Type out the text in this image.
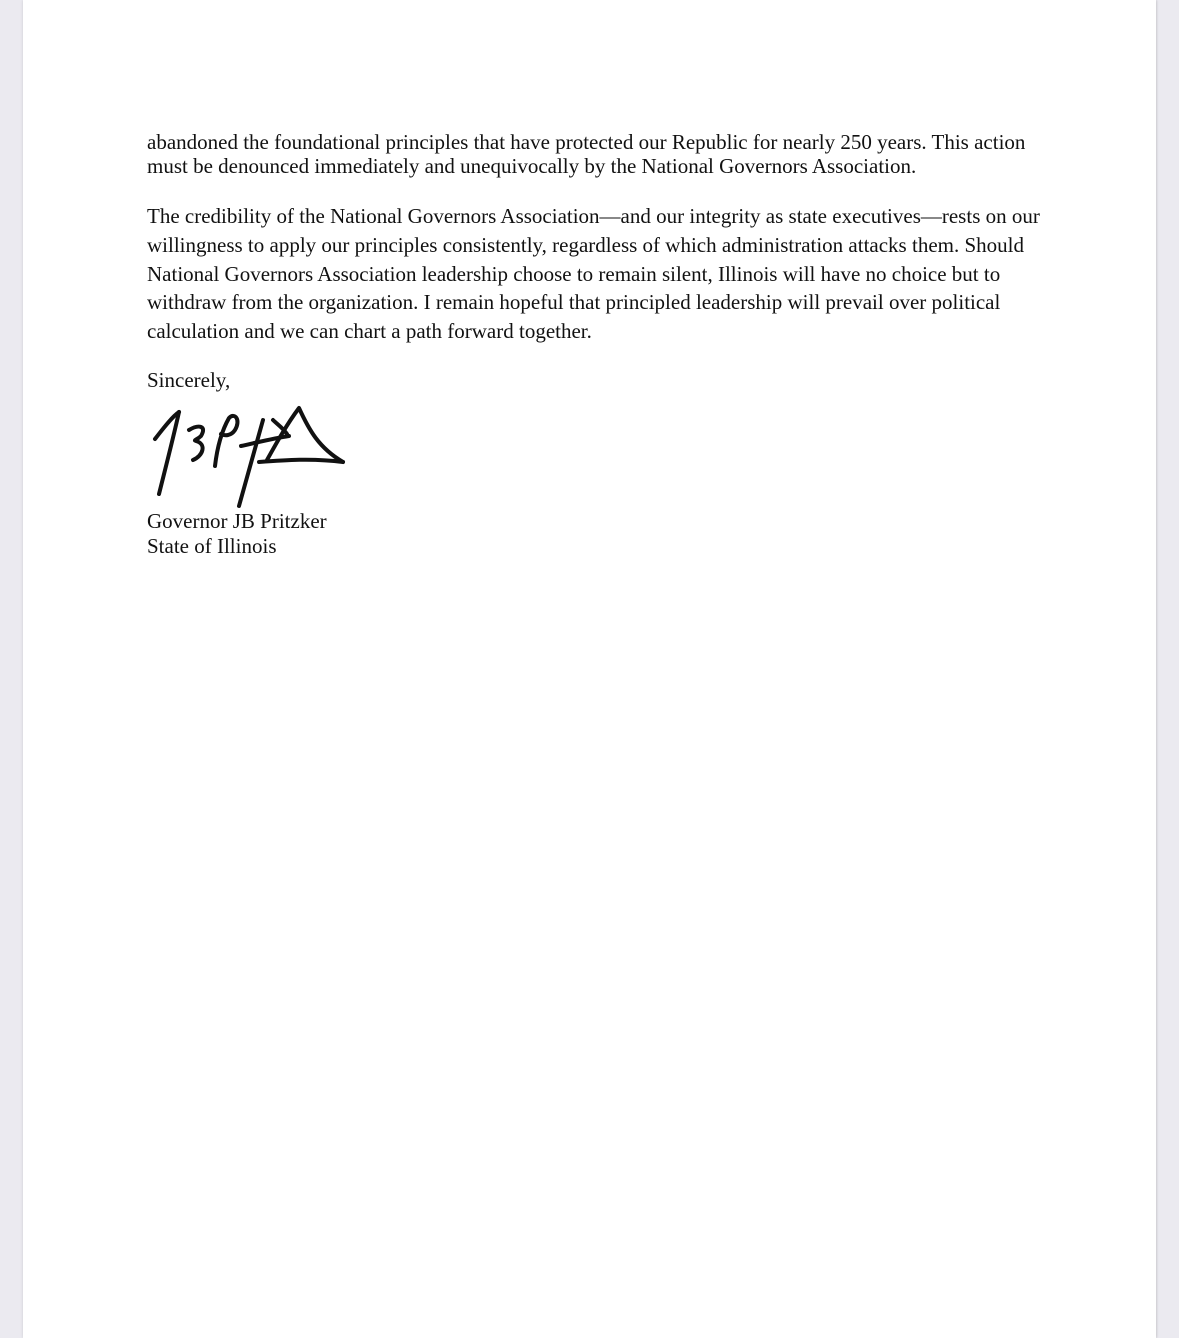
abandoned the foundational principles that have protected our Republic for nearly 250 years. This action must be denounced immediately and unequivocally by the National Governors Association.

The credibility of the National Governors Association—and our integrity as state executives—rests on our willingness to apply our principles consistently, regardless of which administration attacks them. Should National Governors Association leadership choose to remain silent, Illinois will have no choice but to withdraw from the organization. I remain hopeful that principled leadership will prevail over political calculation and we can chart a path forward together.

Sincerely,

Governor JB Pritzker

State of Illinois
